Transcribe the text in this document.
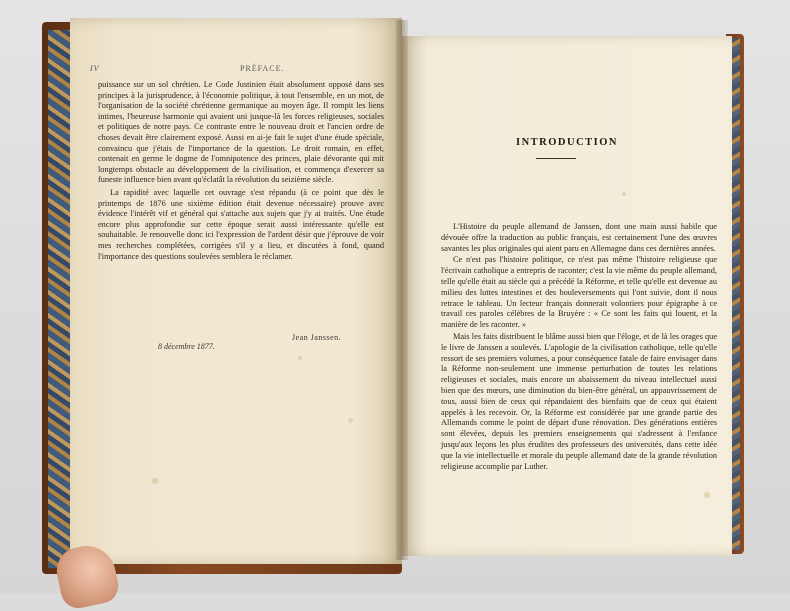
IV	PRÉFACE.

puissance sur un sol chrétien. Le Code Justinien était absolument opposé dans ses principes à la jurisprudence, à l'économie politique, à tout l'ensemble, en un mot, de l'organisation de la société chrétienne germanique au moyen âge. Il rompit les liens intimes, l'heureuse harmonie qui avaient uni jusque-là les forces religieuses, sociales et politiques de notre pays. Ce contraste entre le nouveau droit et l'ancien ordre de choses devait être clairement exposé. Aussi en ai-je fait le sujet d'une étude spéciale, convaincu que j'étais de l'importance de la question. Le droit romain, en effet, contenait en germe le dogme de l'omnipotence des princes, plaie dévorante qui mit longtemps obstacle au développement de la civilisation, et commença d'exercer sa funeste influence bien avant qu'éclatât la révolution du seizième siècle.

La rapidité avec laquelle cet ouvrage s'est répandu (à ce point que dès le printemps de 1876 une sixième édition était devenue nécessaire) prouve avec évidence l'intérêt vif et général qui s'attache aux sujets que j'y ai traités. Une étude encore plus approfondie sur cette époque serait aussi intéressante qu'elle est souhaitable. Je renouvelle donc ici l'expression de l'ardent désir que j'éprouve de voir mes recherches complétées, corrigées s'il y a lieu, et discutées à fond, quand l'importance des questions soulevées semblera le réclamer.

Jean Janssen.
8 décembre 1877.
INTRODUCTION

L'Histoire du peuple allemand de Janssen, dont une main aussi habile que dévouée offre la traduction au public français, est certainement l'une des œuvres savantes les plus originales qui aient paru en Allemagne dans ces dernières années.

Ce n'est pas l'histoire politique, ce n'est pas même l'histoire religieuse que l'écrivain catholique a entrepris de raconter; c'est la vie même du peuple allemand, telle qu'elle était au siècle qui a précédé la Réforme, et telle qu'elle est devenue au milieu des luttes intestines et des bouleversements qui l'ont suivie, dont il nous retrace le tableau. Un lecteur français donnerait volontiers pour épigraphe à ce travail ces paroles célèbres de la Bruyère : « Ce sont les faits qui louent, et la manière de les raconter. »

Mais les faits distribuent le blâme aussi bien que l'éloge, et de là les orages que le livre de Janssen a soulevés. L'apologie de la civilisation catholique, telle qu'elle ressort de ses premiers volumes, a pour conséquence fatale de faire envisager dans la Réforme non-seulement une immense perturbation de toutes les relations religieuses et sociales, mais encore un abaissement du niveau intellectuel aussi bien que des mœurs, une diminution du bien-être général, un appauvrissement de tous, aussi bien de ceux qui répandaient des bienfaits que de ceux qui étaient appelés à les recevoir. Or, la Réforme est considérée par une grande partie des Allemands comme le point de départ d'une rénovation. Des générations entières sont élevées, depuis les premiers enseignements qui s'adressent à l'enfance jusqu'aux leçons les plus érudites des professeurs des universités, dans cette idée que la vie intellectuelle et morale du peuple allemand date de la grande révolution religieuse accomplie par Luther.
